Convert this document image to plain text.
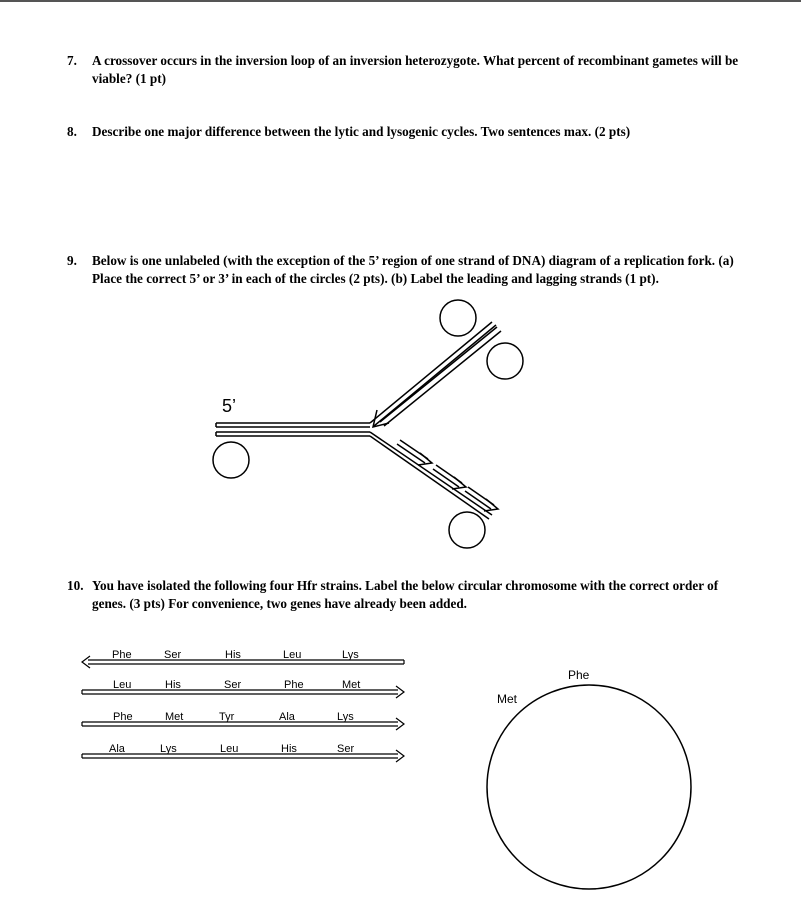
7. A crossover occurs in the inversion loop of an inversion heterozygote. What percent of recombinant gametes will be viable? (1 pt)
8. Describe one major difference between the lytic and lysogenic cycles. Two sentences max. (2 pts)
9. Below is one unlabeled (with the exception of the 5’ region of one strand of DNA) diagram of a replication fork. (a) Place the correct 5’ or 3’ in each of the circles (2 pts). (b) Label the leading and lagging strands (1 pt).
10. You have isolated the following four Hfr strains. Label the below circular chromosome with the correct order of genes. (3 pts) For convenience, two genes have already been added.
5’
Phe	Ser	His	Leu	Lys
Leu	His	Ser	Phe	Met
Phe	Met	Tyr	Ala	Lys
Ala	Lys	Leu	His	Ser
Phe
Met
